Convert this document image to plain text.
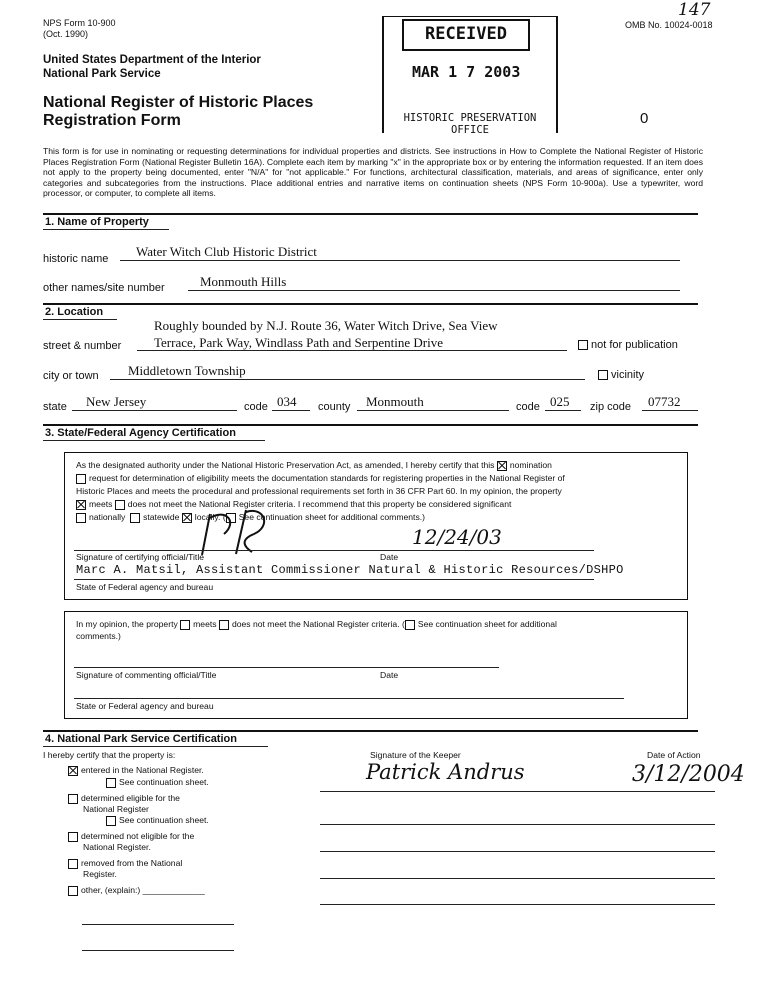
NPS Form 10-900
(Oct. 1990)
147
OMB No. 10024-0018
United States Department of the Interior
National Park Service
National Register of Historic Places
Registration Form	0
RECEIVED
MAR 1 7 2003
HISTORIC PRESERVATION OFFICE
This form is for use in nominating or requesting determinations for individual properties and districts. See instructions in How to Complete the National Register of Historic Places Registration Form (National Register Bulletin 16A). Complete each item by marking "x" in the appropriate box or by entering the information requested. If an item does not apply to the property being documented, enter "N/A" for "not applicable." For functions, architectural classification, materials, and areas of significance, enter only categories and subcategories from the instructions. Place additional entries and narrative items on continuation sheets (NPS Form 10-900a). Use a typewriter, word processor, or computer, to complete all items.
1. Name of Property
historic name Water Witch Club Historic District
other names/site number	Monmouth Hills
2. Location
Roughly bounded by N.J. Route 36, Water Witch Drive, Sea View
street & number	Terrace, Park Way, Windlass Path and Serpentine Drive	not for publication
city or town Middletown Township	vicinity
state New Jersey	code 034 county Monmouth	code 025 zip code 07732
3. State/Federal Agency Certification
As the designated authority under the National Historic Preservation Act, as amended, I hereby certify that this nomination
request for determination of eligibility meets the documentation standards for registering properties in the National Register of
Historic Places and meets the procedural and professional requirements set forth in 36 CFR Part 60. In my opinion, the property
meets does not meet the National Register criteria. I recommend that this property be considered significant
nationally statewide locally. ( See continuation sheet for additional comments.)
12/24/03
Signature of certifying official/Title	Date
Marc A. Matsil, Assistant Commissioner Natural & Historic Resources/DSHPO
State of Federal agency and bureau
In my opinion, the property meets does not meet the National Register criteria. ( See continuation sheet for additional
comments.)
Signature of commenting official/Title	Date
State or Federal agency and bureau
4. National Park Service Certification
I hereby certify that the property is:	Signature of the Keeper	Date of Action
entered in the National Register.
See continuation sheet.
determined eligible for the
National Register
See continuation sheet.
determined not eligible for the
National Register.
removed from the National
Register.
other, (explain:) _____________
Patrick Andrus	3/12/2004
